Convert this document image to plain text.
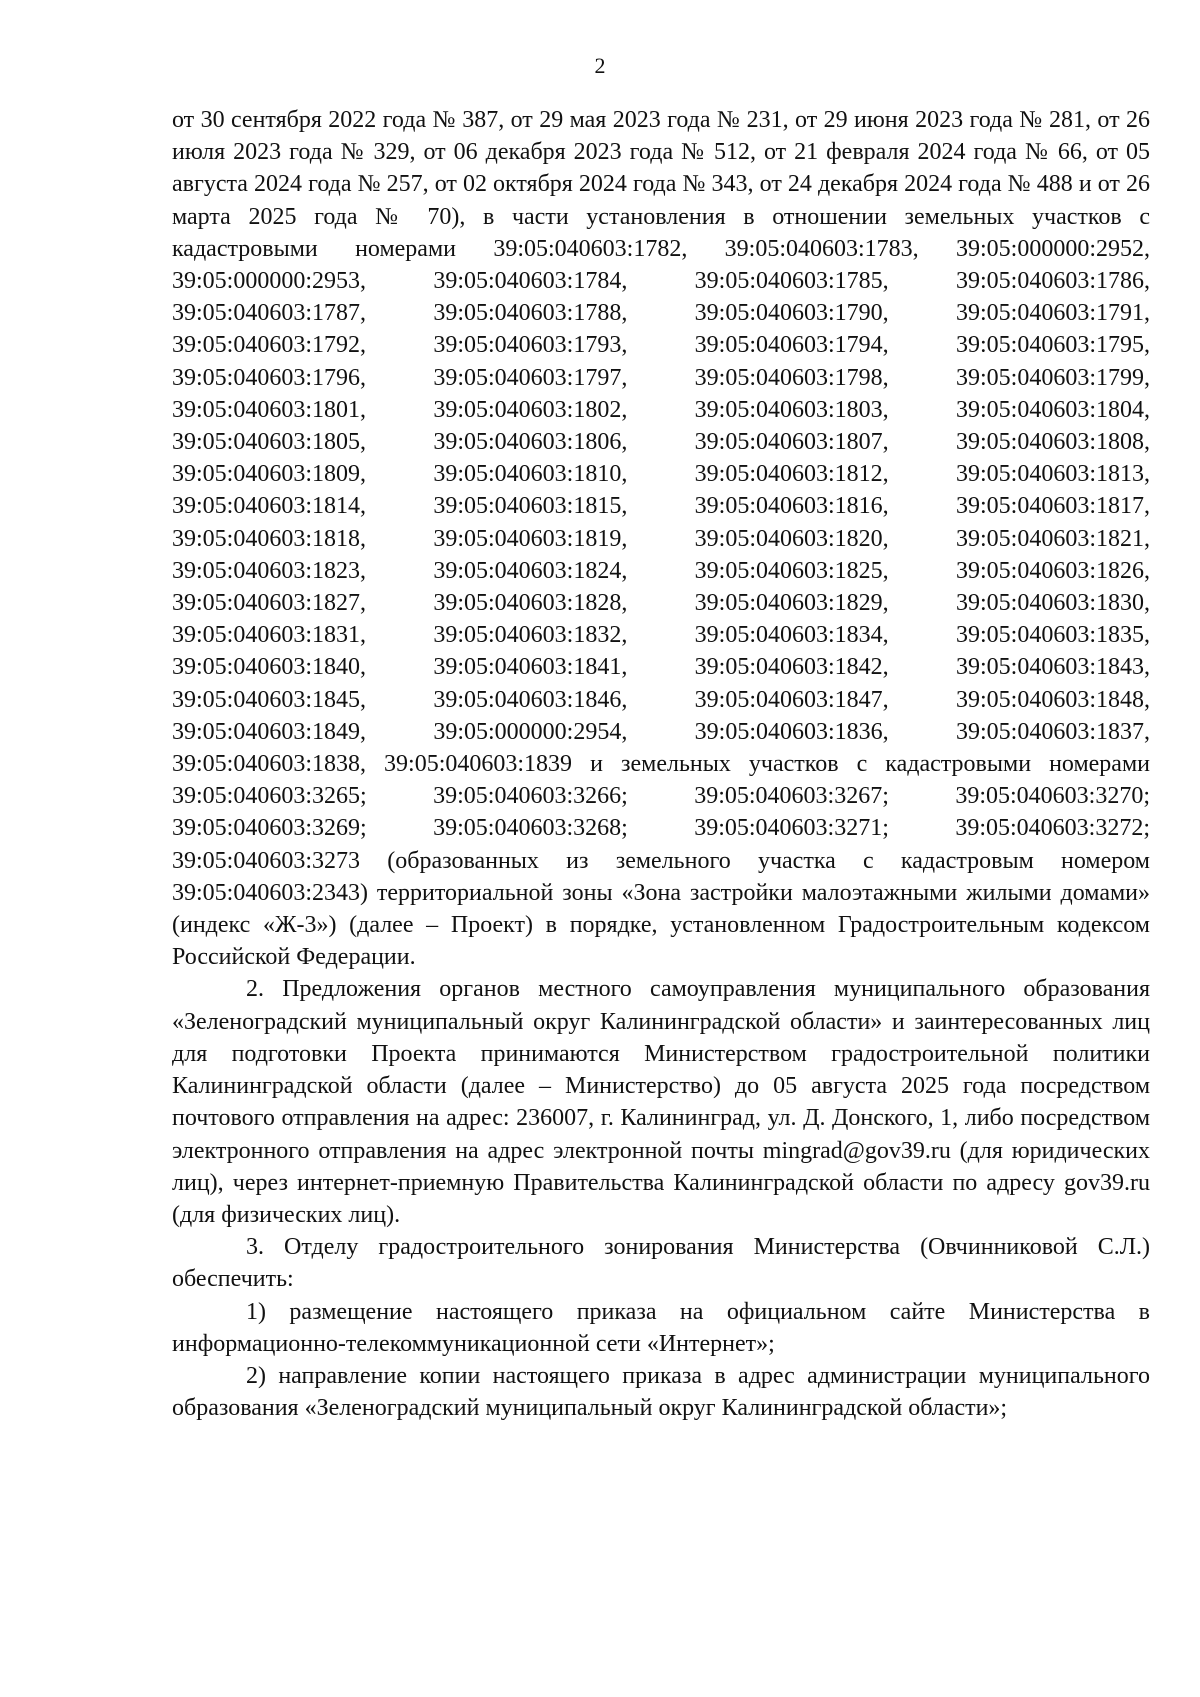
2

от 30 сентября 2022 года № 387, от 29 мая 2023 года № 231, от 29 июня 2023 года № 281, от 26 июля 2023 года № 329, от 06 декабря 2023 года № 512, от 21 февраля 2024 года № 66, от 05 августа 2024 года № 257, от 02 октября 2024 года № 343, от 24 декабря 2024 года № 488 и от 26 марта 2025 года № 70), в части установления в отношении земельных участков с кадастровыми номерами 39:05:040603:1782, 39:05:040603:1783, 39:05:000000:2952, 39:05:000000:2953, 39:05:040603:1784, 39:05:040603:1785, 39:05:040603:1786, 39:05:040603:1787, 39:05:040603:1788, 39:05:040603:1790, 39:05:040603:1791, 39:05:040603:1792, 39:05:040603:1793, 39:05:040603:1794, 39:05:040603:1795, 39:05:040603:1796, 39:05:040603:1797, 39:05:040603:1798, 39:05:040603:1799, 39:05:040603:1801, 39:05:040603:1802, 39:05:040603:1803, 39:05:040603:1804, 39:05:040603:1805, 39:05:040603:1806, 39:05:040603:1807, 39:05:040603:1808, 39:05:040603:1809, 39:05:040603:1810, 39:05:040603:1812, 39:05:040603:1813, 39:05:040603:1814, 39:05:040603:1815, 39:05:040603:1816, 39:05:040603:1817, 39:05:040603:1818, 39:05:040603:1819, 39:05:040603:1820, 39:05:040603:1821, 39:05:040603:1823, 39:05:040603:1824, 39:05:040603:1825, 39:05:040603:1826, 39:05:040603:1827, 39:05:040603:1828, 39:05:040603:1829, 39:05:040603:1830, 39:05:040603:1831, 39:05:040603:1832, 39:05:040603:1834, 39:05:040603:1835, 39:05:040603:1840, 39:05:040603:1841, 39:05:040603:1842, 39:05:040603:1843, 39:05:040603:1845, 39:05:040603:1846, 39:05:040603:1847, 39:05:040603:1848, 39:05:040603:1849, 39:05:000000:2954, 39:05:040603:1836, 39:05:040603:1837, 39:05:040603:1838, 39:05:040603:1839 и земельных участков с кадастровыми номерами 39:05:040603:3265; 39:05:040603:3266; 39:05:040603:3267; 39:05:040603:3270; 39:05:040603:3269; 39:05:040603:3268; 39:05:040603:3271; 39:05:040603:3272; 39:05:040603:3273 (образованных из земельного участка с кадастровым номером 39:05:040603:2343) территориальной зоны «Зона застройки малоэтажными жилыми домами» (индекс «Ж-3») (далее – Проект) в порядке, установленном Градостроительным кодексом Российской Федерации.

2. Предложения органов местного самоуправления муниципального образования «Зеленоградский муниципальный округ Калининградской области» и заинтересованных лиц для подготовки Проекта принимаются Министерством градостроительной политики Калининградской области (далее – Министерство) до 05 августа 2025 года посредством почтового отправления на адрес: 236007, г. Калининград, ул. Д. Донского, 1, либо посредством электронного отправления на адрес электронной почты mingrad@gov39.ru (для юридических лиц), через интернет-приемную Правительства Калининградской области по адресу gov39.ru (для физических лиц).

3. Отделу градостроительного зонирования Министерства (Овчинниковой С.Л.) обеспечить:

1) размещение настоящего приказа на официальном сайте Министерства в информационно-телекоммуникационной сети «Интернет»;

2) направление копии настоящего приказа в адрес администрации муниципального образования «Зеленоградский муниципальный округ Калининградской области»;
